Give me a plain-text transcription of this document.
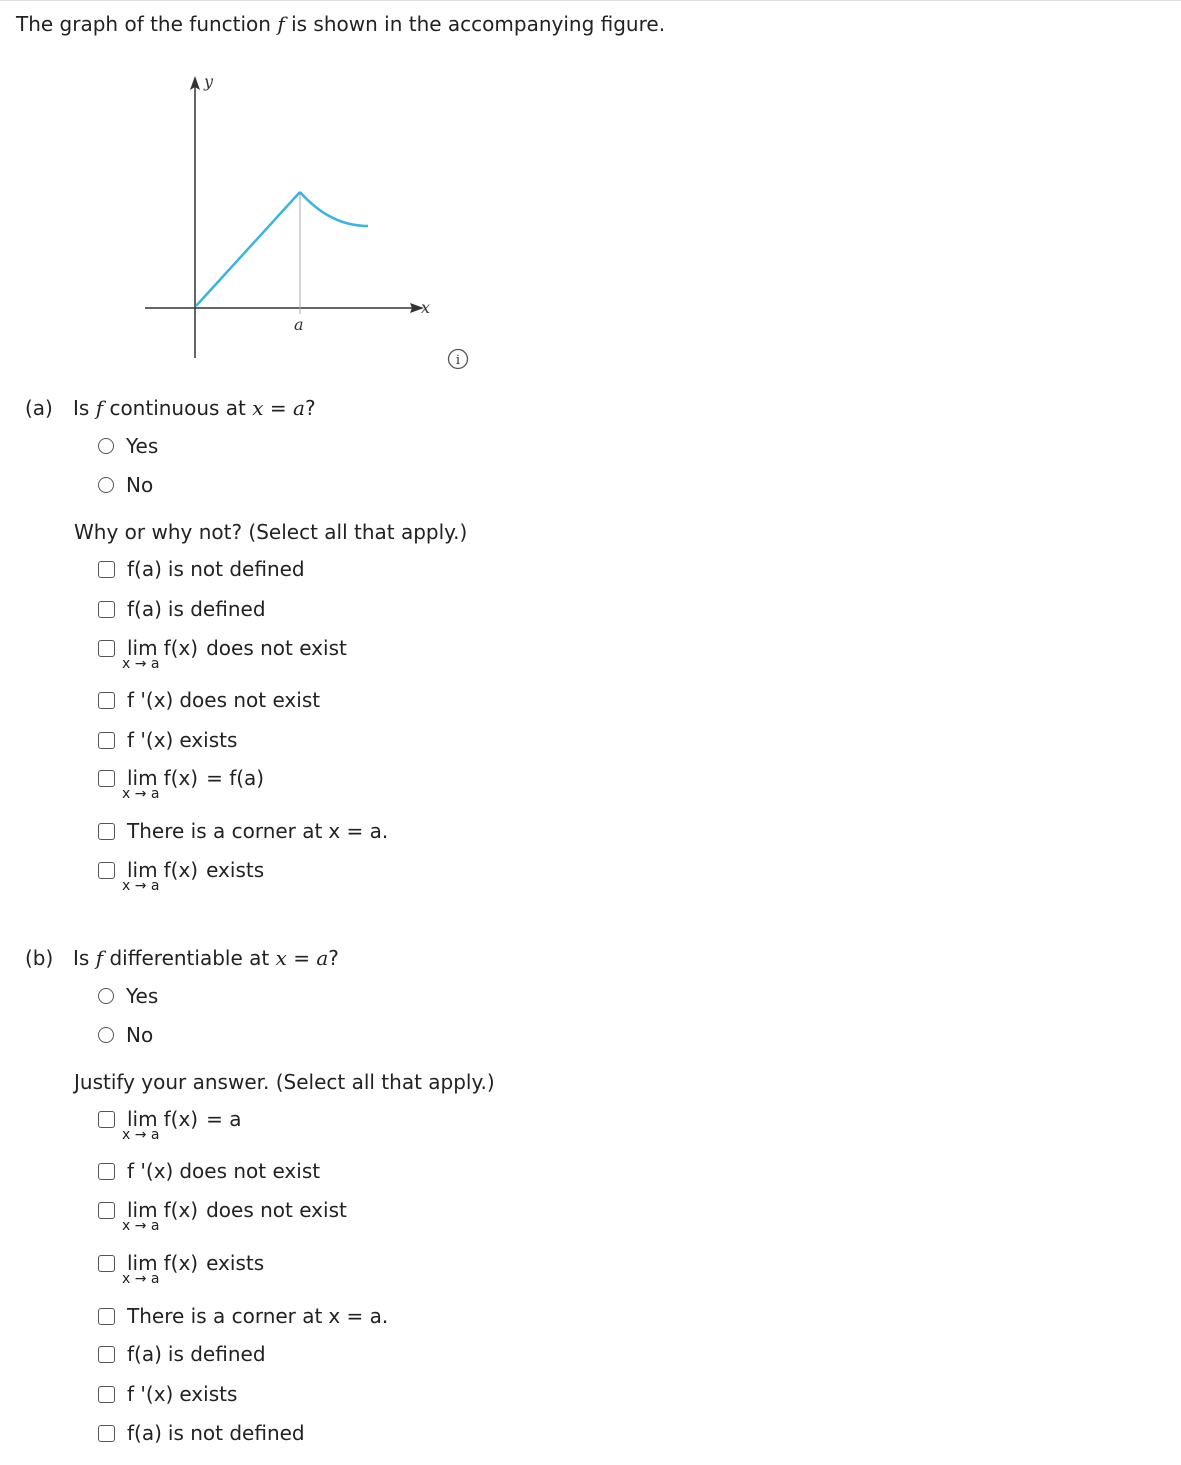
The graph of the function f is shown in the accompanying figure.
y
x
a
i
(a) Is f continuous at x = a?
Yes
No
Why or why not? (Select all that apply.)
f(a) is not defined
f(a) is defined
lim
x → a
f(x) does not exist
f '(x) does not exist
f '(x) exists
lim
x → a
f(x) = f(a)
There is a corner at x = a.
lim
x → a
f(x) exists
(b) Is f differentiable at x = a?
Yes
No
Justify your answer. (Select all that apply.)
lim
x → a
f(x) = a
f '(x) does not exist
lim
x → a
f(x) does not exist
lim
x → a
f(x) exists
There is a corner at x = a.
f(a) is defined
f '(x) exists
f(a) is not defined
